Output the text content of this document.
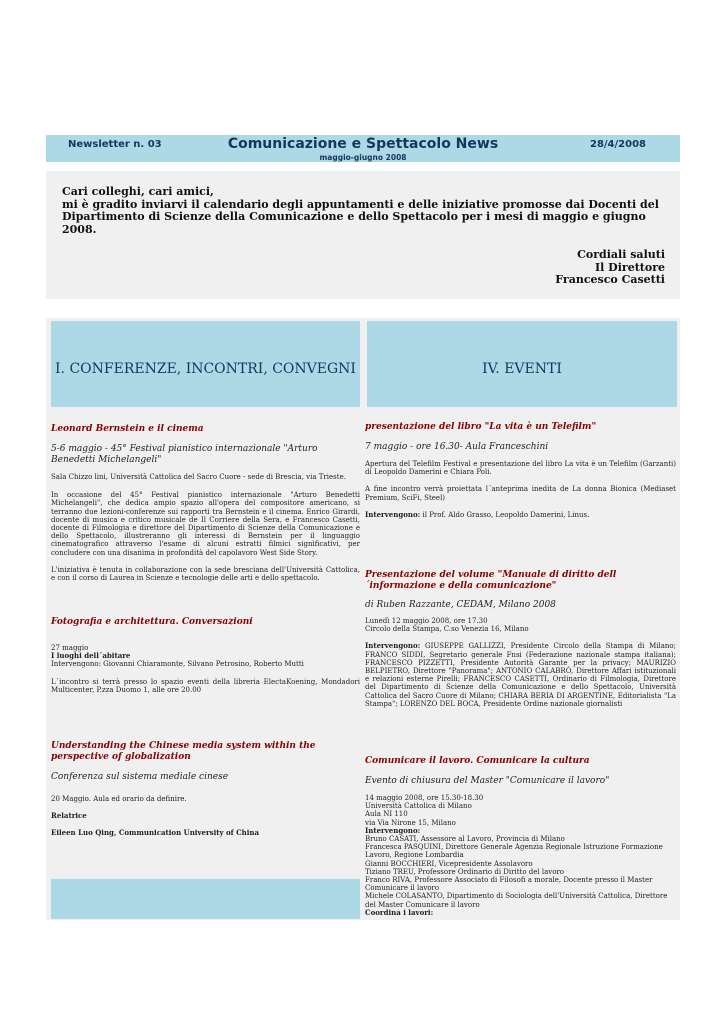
Newsletter n. 03	Comunicazione e Spettacolo News
maggio-giugno 2008
28/4/2008
Cari colleghi, cari amici,
mi è gradito inviarvi il calendario degli appuntamenti e delle iniziative promosse dai Docenti del Dipartimento di Scienze della Comunicazione e dello Spettacolo per i mesi di maggio e giugno 2008.
Cordiali saluti
Il Direttore
Francesco Casetti
I. CONFERENZE, INCONTRI, CONVEGNI	IV. EVENTI
Leonard Bernstein e il cinema
5-6 maggio - 45° Festival pianistico internazionale "Arturo Benedetti Michelangeli"

Sala Chizzo lini, Università Cattolica del Sacro Cuore - sede di Brescia, via Trieste.

In occasione del 45° Festival pianistico internazionale "Arturo Benedetti Michelangeli", che dedica ampio spazio all'opera del compositore americano, si terranno due lezioni-conferenze sui rapporti tra Bernstein e il cinema. Enrico Girardi, docente di musica e critico musicale de Il Corriere della Sera, e Francesco Casetti, docente di Filmologia e direttore del Dipartimento di Scienze della Comunicazione e dello Spettacolo, illustreranno gli interessi di Bernstein per il linguaggio cinematografico attraverso l'esame di alcuni estratti filmici significativi, per concludere con una disanima in profondità del capolavoro West Side Story.

L'iniziativa è tenuta in collaborazione con la sede bresciana dell'Università Cattolica, e con il corso di Laurea in Scienze e tecnologie delle arti e dello spettacolo.

Fotografia e architettura. Conversazioni

27 maggio

I luoghi dell´abitare

Intervengono: Giovanni Chiaramonte, Silvano Petrosino, Roberto Mutti

L´incontro si terrà presso lo spazio eventi della libreria ElectaKoening, Mondadori Multicenter, P.zza Duomo 1, alle ore 20.00

Understanding the Chinese media system within the perspective of globalization
Conferenza sul sistema mediale cinese

20 Maggio. Aula ed orario da definire.

Relatrice

Eileen Luo Qing, Communication University of China

presentazione del libro "La vita è un Telefilm"
7 maggio - ore 16.30- Aula Franceschini

Apertura del Telefilm Festival e presentazione del libro La vita è un Telefilm (Garzanti) di Leopoldo Damerini e Chiara Poli.

A fine incontro verrà proiettata l´anteprima inedita de La donna Bionica (Mediaset Premium, SciFi, Steel)

Intervengono: il Prof. Aldo Grasso, Leopoldo Damerini, Linus.

Presentazione del volume "Manuale di diritto dell´informazione e della comunicazione"
di Ruben Razzante, CEDAM, Milano 2008

Lunedì 12 maggio 2008, ore 17.30

Circolo della Stampa, C.so Venezia 16, Milano

Intervengono: GIUSEPPE GALLIZZI, Presidente Circolo della Stampa di Milano; FRANCO SIDDI, Segretario generale Fnsi (Federazione nazionale stampa italiana); FRANCESCO PIZZETTI, Presidente Autorità Garante per la privacy; MAURIZIO BELPIETRO, Direttore "Panorama"; ANTONIO CALABRÒ, Direttore Affari istituzionali e relazioni esterne Pirelli; FRANCESCO CASETTI, Ordinario di Filmologia, Direttore del Dipartimento di Scienze della Comunicazione e dello Spettacolo, Università Cattolica del Sacro Cuore di Milano; CHIARA BERIA DI ARGENTINE, Editorialista "La Stampa"; LORENZO DEL BOCA, Presidente Ordine nazionale giornalisti

Comunicare il lavoro. Comunicare la cultura
Evento di chiusura del Master "Comunicare il lavoro"

14 maggio 2008, ore 15.30-18.30

Università Cattolica di Milano

Aula NI 110

via Via Nirone 15, Milano

Intervengono:

Bruno CASATI, Assessore al Lavoro, Provincia di Milano

Francesca PASQUINI, Direttore Generale Agenzia Regionale Istruzione Formazione Lavoro, Regione Lombardia

Gianni BOCCHIERI, Vicepresidente Assolavoro

Tiziano TREU, Professore Ordinario di Diritto del lavoro

Franco RIVA, Professore Associato di Filosofi a morale, Docente presso il Master Comunicare il lavoro

Michele COLASANTO, Dipartimento di Sociologia dell'Università Cattolica, Direttore del Master Comunicare il lavoro

Coordina i lavori:
